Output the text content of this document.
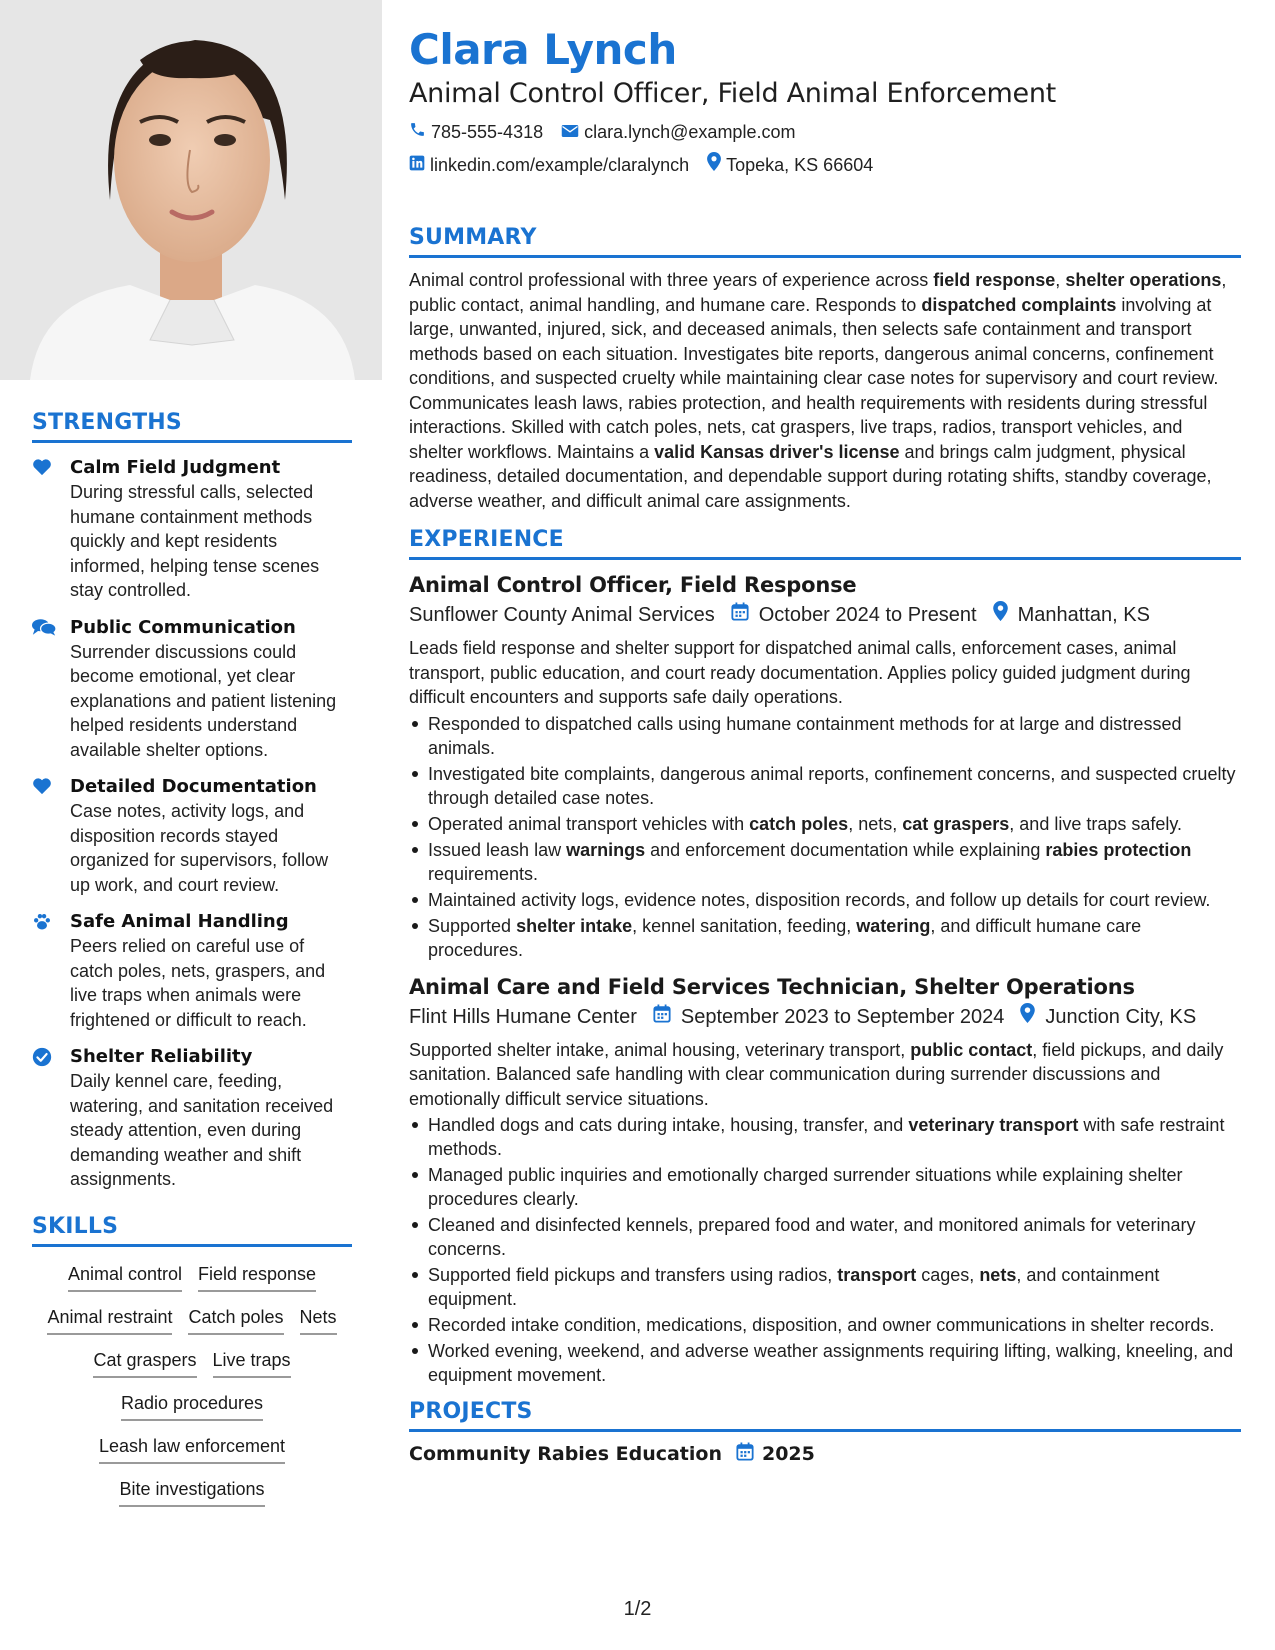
STRENGTHS
Calm Field Judgment
During stressful calls, selected humane containment methods quickly and kept residents informed, helping tense scenes stay controlled.
Public Communication
Surrender discussions could become emotional, yet clear explanations and patient listening helped residents understand available shelter options.
Detailed Documentation
Case notes, activity logs, and disposition records stayed organized for supervisors, follow up work, and court review.
Safe Animal Handling
Peers relied on careful use of catch poles, nets, graspers, and live traps when animals were frightened or difficult to reach.
Shelter Reliability
Daily kennel care, feeding, watering, and sanitation received steady attention, even during demanding weather and shift assignments.
SKILLS
Animal control Field response
Animal restraint Catch poles Nets
Cat graspers Live traps
Radio procedures
Leash law enforcement
Bite investigations
Clara Lynch
Animal Control Officer, Field Animal Enforcement
785-555-4318 clara.lynch@example.com
linkedin.com/example/claralynch Topeka, KS 66604
SUMMARY
Animal control professional with three years of experience across field response, shelter operations, public contact, animal handling, and humane care. Responds to dispatched complaints involving at large, unwanted, injured, sick, and deceased animals, then selects safe containment and transport methods based on each situation. Investigates bite reports, dangerous animal concerns, confinement conditions, and suspected cruelty while maintaining clear case notes for supervisory and court review. Communicates leash laws, rabies protection, and health requirements with residents during stressful interactions. Skilled with catch poles, nets, cat graspers, live traps, radios, transport vehicles, and shelter workflows. Maintains a valid Kansas driver's license and brings calm judgment, physical readiness, detailed documentation, and dependable support during rotating shifts, standby coverage, adverse weather, and difficult animal care assignments.
EXPERIENCE
Animal Control Officer, Field Response
Sunflower County Animal Services October 2024 to Present Manhattan, KS
Leads field response and shelter support for dispatched animal calls, enforcement cases, animal transport, public education, and court ready documentation. Applies policy guided judgment during difficult encounters and supports safe daily operations.
Responded to dispatched calls using humane containment methods for at large and distressed animals.
Investigated bite complaints, dangerous animal reports, confinement concerns, and suspected cruelty through detailed case notes.
Operated animal transport vehicles with catch poles, nets, cat graspers, and live traps safely.
Issued leash law warnings and enforcement documentation while explaining rabies protection requirements.
Maintained activity logs, evidence notes, disposition records, and follow up details for court review.
Supported shelter intake, kennel sanitation, feeding, watering, and difficult humane care procedures.
Animal Care and Field Services Technician, Shelter Operations
Flint Hills Humane Center September 2023 to September 2024 Junction City, KS
Supported shelter intake, animal housing, veterinary transport, public contact, field pickups, and daily sanitation. Balanced safe handling with clear communication during surrender discussions and emotionally difficult service situations.
Handled dogs and cats during intake, housing, transfer, and veterinary transport with safe restraint methods.
Managed public inquiries and emotionally charged surrender situations while explaining shelter procedures clearly.
Cleaned and disinfected kennels, prepared food and water, and monitored animals for veterinary concerns.
Supported field pickups and transfers using radios, transport cages, nets, and containment equipment.
Recorded intake condition, medications, disposition, and owner communications in shelter records.
Worked evening, weekend, and adverse weather assignments requiring lifting, walking, kneeling, and equipment movement.
PROJECTS
Community Rabies Education 2025
1/2
